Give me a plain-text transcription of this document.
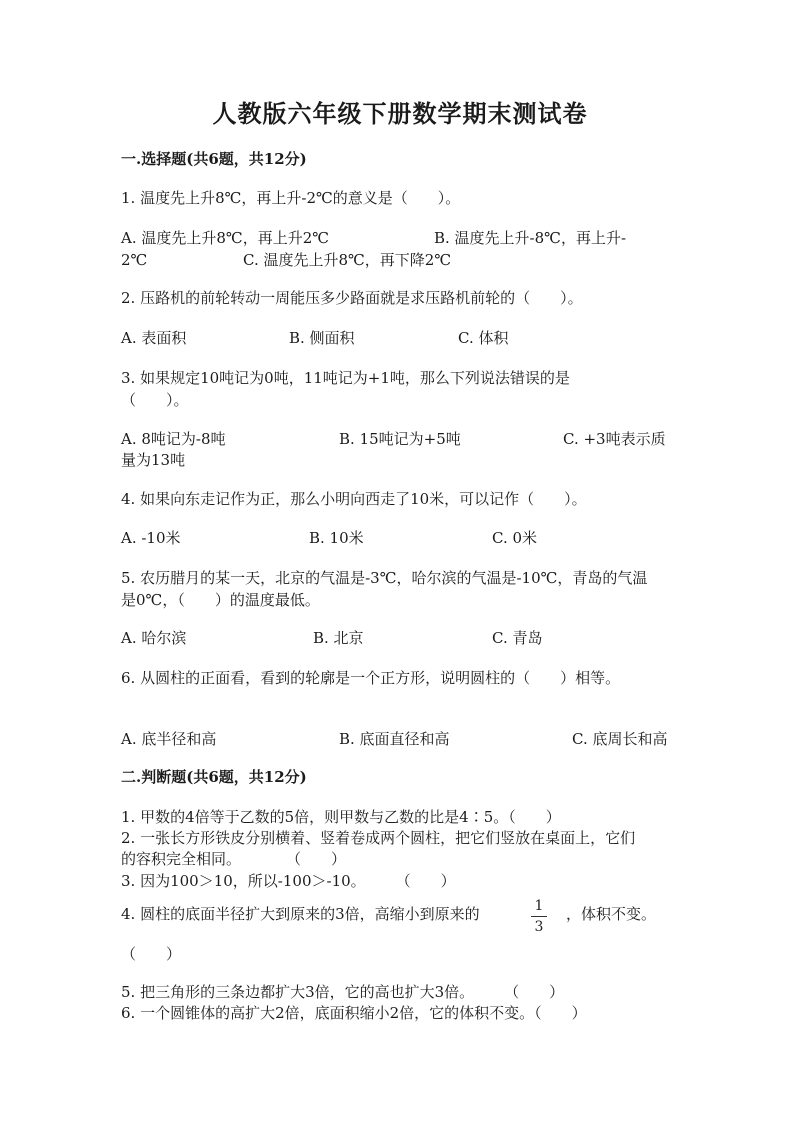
人教版六年级下册数学期末测试卷
一.选择题(共6题，共12分)
1. 温度先上升8℃，再上升-2℃的意义是（　　）。
A. 温度先上升8℃，再上升2℃	B. 温度先上升-8℃，再上升-
2℃	C. 温度先上升8℃，再下降2℃
2. 压路机的前轮转动一周能压多少路面就是求压路机前轮的（　　）。
A. 表面积	B. 侧面积	C. 体积
3. 如果规定10吨记为0吨，11吨记为+1吨，那么下列说法错误的是
（　　）。
A. 8吨记为-8吨	B. 15吨记为+5吨	C. +3吨表示质
量为13吨
4. 如果向东走记作为正，那么小明向西走了10米，可以记作（　　）。
A. -10米	B. 10米	C. 0米
5. 农历腊月的某一天，北京的气温是-3℃，哈尔滨的气温是-10℃，青岛的气温
是0℃，（　　）的温度最低。
A. 哈尔滨	B. 北京	C. 青岛
6. 从圆柱的正面看，看到的轮廓是一个正方形，说明圆柱的（　　）相等。
A. 底半径和高	B. 底面直径和高	C. 底周长和高
二.判断题(共6题，共12分)
1. 甲数的4倍等于乙数的5倍，则甲数与乙数的比是4∶5。（　　）
2. 一张长方形铁皮分别横着、竖着卷成两个圆柱，把它们竖放在桌面上，它们
的容积完全相同。　　　　（　　）
3. 因为100＞10，所以-100＞-10。　　　（　　）
4. 圆柱的底面半径扩大到原来的3倍，高缩小到原来的	1
3
，体积不变。
（　　）
5. 把三角形的三条边都扩大3倍，它的高也扩大3倍。　　　（　　）
6. 一个圆锥体的高扩大2倍，底面积缩小2倍，它的体积不变。（　　）
